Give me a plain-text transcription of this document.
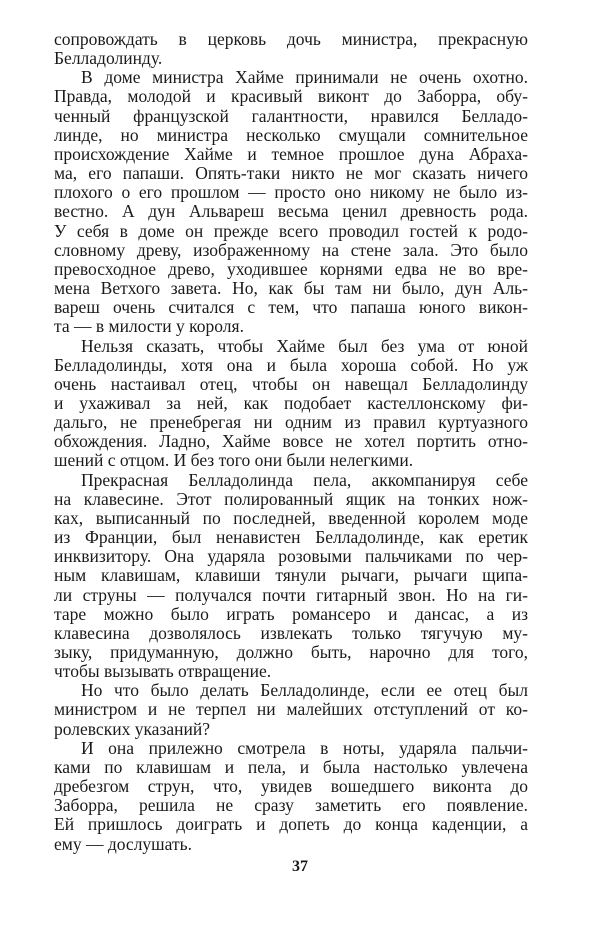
сопровождать в церковь дочь министра, прекрасную
Белладолинду.
В доме министра Хайме принимали не очень охотно.
Правда, молодой и красивый виконт до Заборра, обу-
ченный французской галантности, нравился Белладо-
линде, но министра несколько смущали сомнительное
происхождение Хайме и темное прошлое дуна Абраха-
ма, его папаши. Опять-таки никто не мог сказать ничего
плохого о его прошлом — просто оно никому не было из-
вестно. А дун Альвареш весьма ценил древность рода.
У себя в доме он прежде всего проводил гостей к родо-
словному древу, изображенному на стене зала. Это было
превосходное древо, уходившее корнями едва не во вре-
мена Ветхого завета. Но, как бы там ни было, дун Аль-
вареш очень считался с тем, что папаша юного викон-
та — в милости у короля.
Нельзя сказать, чтобы Хайме был без ума от юной
Белладолинды, хотя она и была хороша собой. Но уж
очень настаивал отец, чтобы он навещал Белладолинду
и ухаживал за ней, как подобает кастеллонскому фи-
дальго, не пренебрегая ни одним из правил куртуазного
обхождения. Ладно, Хайме вовсе не хотел портить отно-
шений с отцом. И без того они были нелегкими.
Прекрасная Белладолинда пела, аккомпанируя себе
на клавесине. Этот полированный ящик на тонких нож-
ках, выписанный по последней, введенной королем моде
из Франции, был ненавистен Белладолинде, как еретик
инквизитору. Она ударяла розовыми пальчиками по чер-
ным клавишам, клавиши тянули рычаги, рычаги щипа-
ли струны — получался почти гитарный звон. Но на ги-
таре можно было играть романсеро и дансас, а из
клавесина дозволялось извлекать только тягучую му-
зыку, придуманную, должно быть, нарочно для того,
чтобы вызывать отвращение.
Но что было делать Белладолинде, если ее отец был
министром и не терпел ни малейших отступлений от ко-
ролевских указаний?
И она прилежно смотрела в ноты, ударяла пальчи-
ками по клавишам и пела, и была настолько увлечена
дребезгом струн, что, увидев вошедшего виконта до
Заборра, решила не сразу заметить его появление.
Ей пришлось доиграть и допеть до конца каденции, а
ему — дослушать.
37
